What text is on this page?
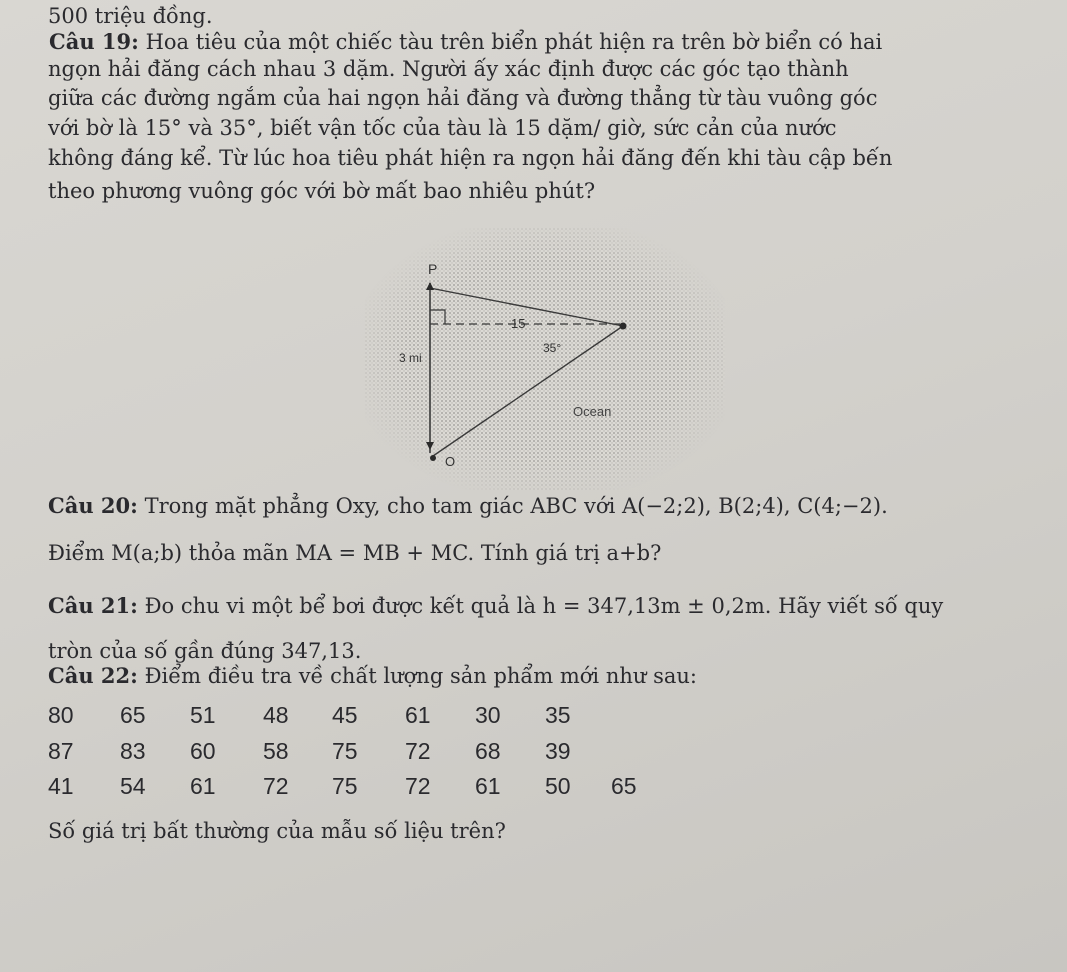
500 triệu đồng.
Câu 19: Hoa tiêu của một chiếc tàu trên biển phát hiện ra trên bờ biển có hai
ngọn hải đăng cách nhau 3 dặm. Người ấy xác định được các góc tạo thành
giữa các đường ngắm của hai ngọn hải đăng và đường thẳng từ tàu vuông góc
với bờ là 15° và 35°, biết vận tốc của tàu là 15 dặm/ giờ, sức cản của nước
không đáng kể. Từ lúc hoa tiêu phát hiện ra ngọn hải đăng đến khi tàu cập bến
theo phương vuông góc với bờ mất bao nhiêu phút?
P
15
3 mi
35°
Ocean
O
Câu 20: Trong mặt phẳng Oxy, cho tam giác ABC với A(−2;2), B(2;4), C(4;−2).
Điểm M(a;b) thỏa mãn MA = MB + MC. Tính giá trị a+b?
Câu 21: Đo chu vi một bể bơi được kết quả là h = 347,13m ± 0,2m. Hãy viết số quy
tròn của số gần đúng 347,13.
Câu 22: Điểm điều tra về chất lượng sản phẩm mới như sau:
80 65 51 48 45 61 30 35
87 83 60 58 75 72 68 39
41 54 61 72 75 72 61 50 65
Số giá trị bất thường của mẫu số liệu trên?
